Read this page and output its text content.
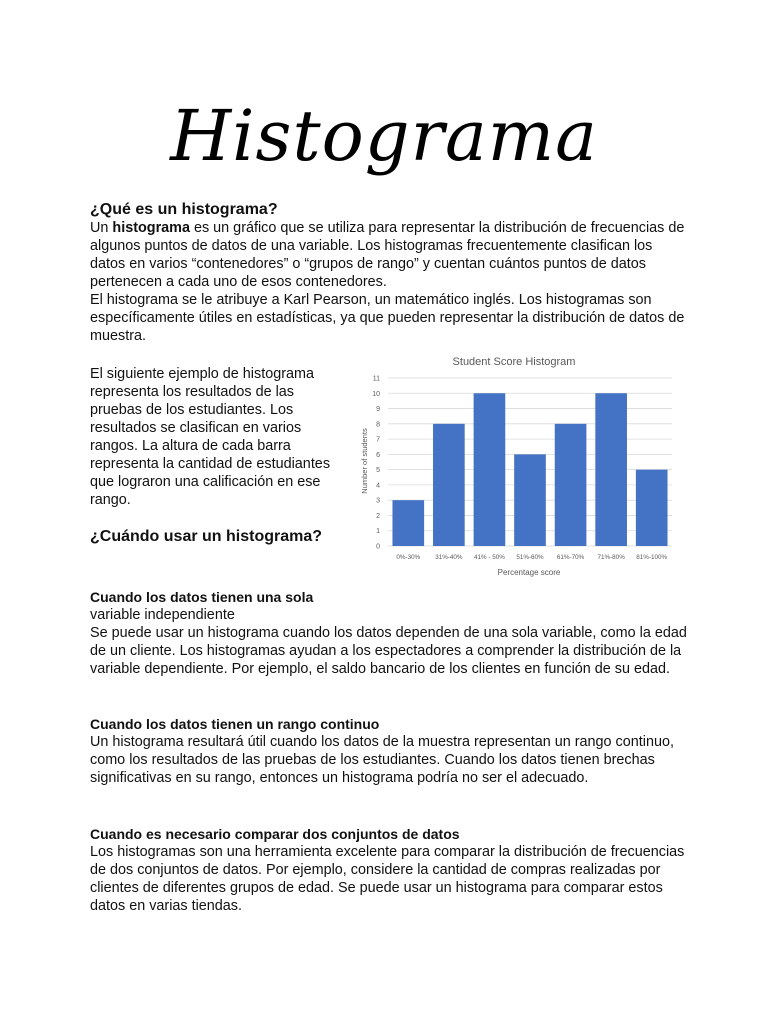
Histograma

¿Qué es un histograma?

Un histograma es un gráfico que se utiliza para representar la distribución de frecuencias de algunos puntos de datos de una variable. Los histogramas frecuentemente clasifican los datos en varios “contenedores” o “grupos de rango” y cuentan cuántos puntos de datos pertenecen a cada uno de esos contenedores.

El histograma se le atribuye a Karl Pearson, un matemático inglés. Los histogramas son específicamente útiles en estadísticas, ya que pueden representar la distribución de datos de muestra.

El siguiente ejemplo de histograma representa los resultados de las pruebas de los estudiantes. Los resultados se clasifican en varios rangos. La altura de cada barra representa la cantidad de estudiantes que lograron una calificación en ese rango.

¿Cuándo usar un histograma?

Cuando los datos tienen una sola

variable independiente

Se puede usar un histograma cuando los datos dependen de una sola variable, como la edad de un cliente. Los histogramas ayudan a los espectadores a comprender la distribución de la variable dependiente. Por ejemplo, el saldo bancario de los clientes en función de su edad.

Cuando los datos tienen un rango continuo

Un histograma resultará útil cuando los datos de la muestra representan un rango continuo, como los resultados de las pruebas de los estudiantes. Cuando los datos tienen brechas significativas en su rango, entonces un histograma podría no ser el adecuado.

Cuando es necesario comparar dos conjuntos de datos

Los histogramas son una herramienta excelente para comparar la distribución de frecuencias de dos conjuntos de datos. Por ejemplo, considere la cantidad de compras realizadas por clientes de diferentes grupos de edad. Se puede usar un histograma para comparar estos datos en varias tiendas.

Student Score Histogram
Number of students
Percentage score
0
1
2
3
4
5
6
7
8
9
10
11
0%-30% 31%-40% 41% - 50% 51%-60% 61%-70% 71%-80% 81%-100%
